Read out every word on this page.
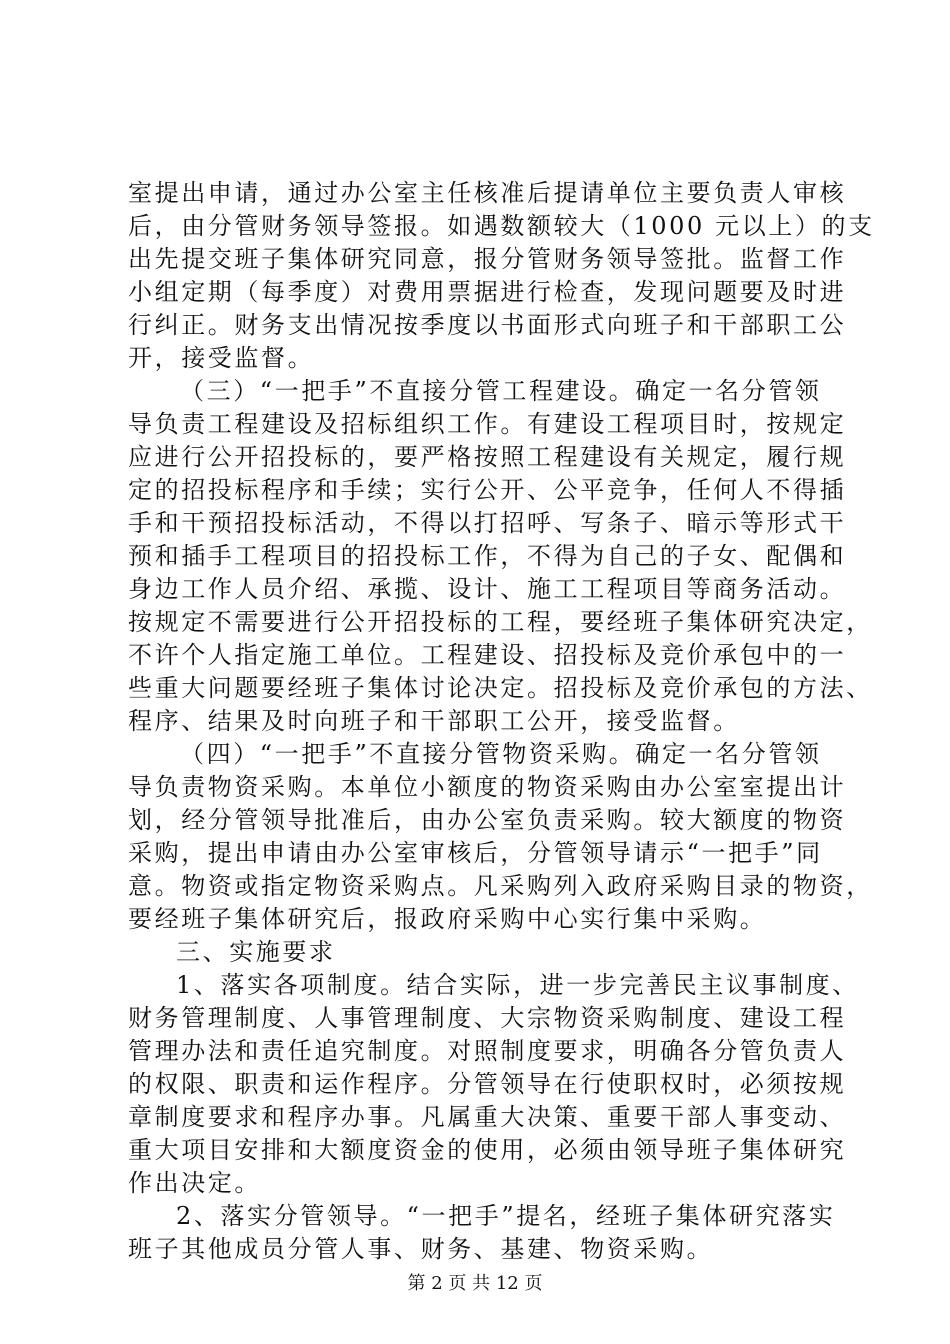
室提出申请，通过办公室主任核准后提请单位主要负责人审核
后，由分管财务领导签报。如遇数额较大（1000 元以上）的支
出先提交班子集体研究同意，报分管财务领导签批。监督工作
小组定期（每季度）对费用票据进行检查，发现问题要及时进
行纠正。财务支出情况按季度以书面形式向班子和干部职工公
开，接受监督。
（三）“一把手”不直接分管工程建设。确定一名分管领
导负责工程建设及招标组织工作。有建设工程项目时，按规定
应进行公开招投标的，要严格按照工程建设有关规定，履行规
定的招投标程序和手续；实行公开、公平竞争，任何人不得插
手和干预招投标活动，不得以打招呼、写条子、暗示等形式干
预和插手工程项目的招投标工作，不得为自己的子女、配偶和
身边工作人员介绍、承揽、设计、施工工程项目等商务活动。
按规定不需要进行公开招投标的工程，要经班子集体研究决定，
不许个人指定施工单位。工程建设、招投标及竞价承包中的一
些重大问题要经班子集体讨论决定。招投标及竞价承包的方法、
程序、结果及时向班子和干部职工公开，接受监督。
（四）“一把手”不直接分管物资采购。确定一名分管领
导负责物资采购。本单位小额度的物资采购由办公室室提出计
划，经分管领导批准后，由办公室负责采购。较大额度的物资
采购，提出申请由办公室审核后，分管领导请示“一把手”同
意。物资或指定物资采购点。凡采购列入政府采购目录的物资，
要经班子集体研究后，报政府采购中心实行集中采购。
三、实施要求
1、落实各项制度。结合实际，进一步完善民主议事制度、
财务管理制度、人事管理制度、大宗物资采购制度、建设工程
管理办法和责任追究制度。对照制度要求，明确各分管负责人
的权限、职责和运作程序。分管领导在行使职权时，必须按规
章制度要求和程序办事。凡属重大决策、重要干部人事变动、
重大项目安排和大额度资金的使用，必须由领导班子集体研究
作出决定。
2、落实分管领导。“一把手”提名，经班子集体研究落实
班子其他成员分管人事、财务、基建、物资采购。
第 2 页 共 12 页
